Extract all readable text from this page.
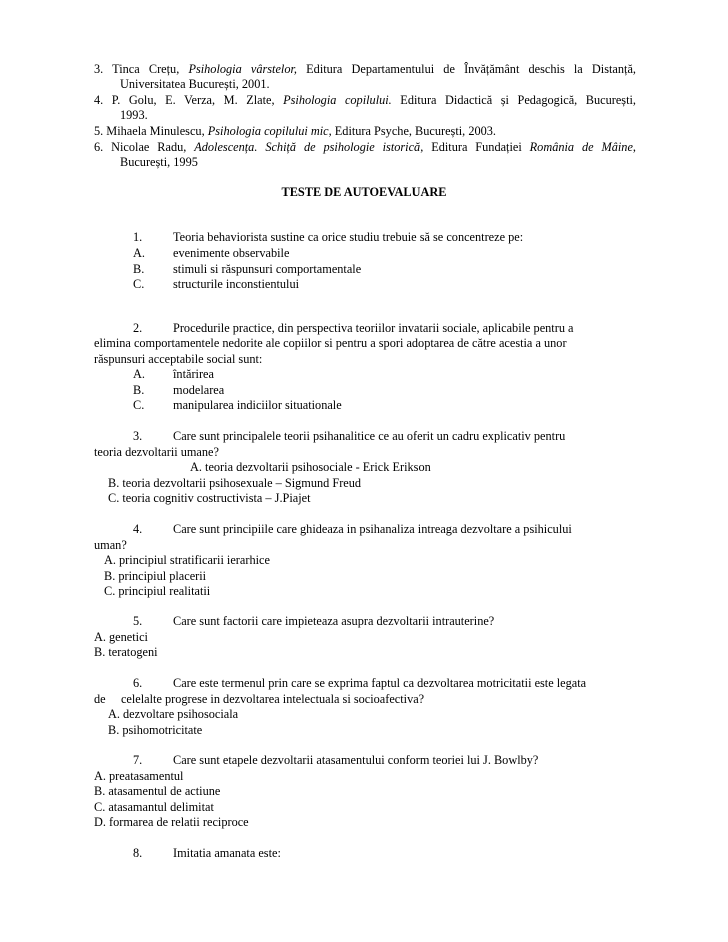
3. Tinca Crețu, Psihologia vârstelor, Editura Departamentului de Învățământ deschis la Distanță,
Universitatea București, 2001.
4. P. Golu, E. Verza, M. Zlate, Psihologia copilului. Editura Didactică și Pedagogică, București,
1993.
5. Mihaela Minulescu, Psihologia copilului mic, Editura Psyche, București, 2003.
6. Nicolae Radu, Adolescența. Schiță de psihologie istorică, Editura Fundației România de Mâine,
București, 1995
TESTE DE AUTOEVALUARE
1.	Teoria behaviorista sustine ca orice studiu trebuie să se concentreze pe:
A. evenimente observabile
B. stimuli si răspunsuri comportamentale
C. structurile inconstientului
2.	Procedurile practice, din perspectiva teoriilor invatarii sociale, aplicabile pentru a
elimina comportamentele nedorite ale copiilor si pentru a spori adoptarea de către acestia a unor
răspunsuri acceptabile social sunt:
A. întărirea
B. modelarea
C. manipularea indiciilor situationale
3.	Care sunt principalele teorii psihanalitice ce au oferit un cadru explicativ pentru
teoria dezvoltarii umane?
A. teoria dezvoltarii psihosociale - Erick Erikson
B. teoria dezvoltarii psihosexuale – Sigmund Freud
C. teoria cognitiv costructivista – J.Piajet
4.	Care sunt principiile care ghideaza in psihanaliza intreaga dezvoltare a psihicului
uman?
A. principiul stratificarii ierarhice
B. principiul placerii
C. principiul realitatii
5.	Care sunt factorii care impieteaza asupra dezvoltarii intrauterine?
A. genetici
B. teratogeni
6.	Care este termenul prin care se exprima faptul ca dezvoltarea motricitatii este legata
de     celelalte progrese in dezvoltarea intelectuala si socioafectiva?
A. dezvoltare psihosociala
B. psihomotricitate
7.	Care sunt etapele dezvoltarii atasamentului conform teoriei lui J. Bowlby?
A. preatasamentul
B. atasamentul de actiune
C. atasamantul delimitat
D. formarea de relatii reciproce
8.	Imitatia amanata este:
